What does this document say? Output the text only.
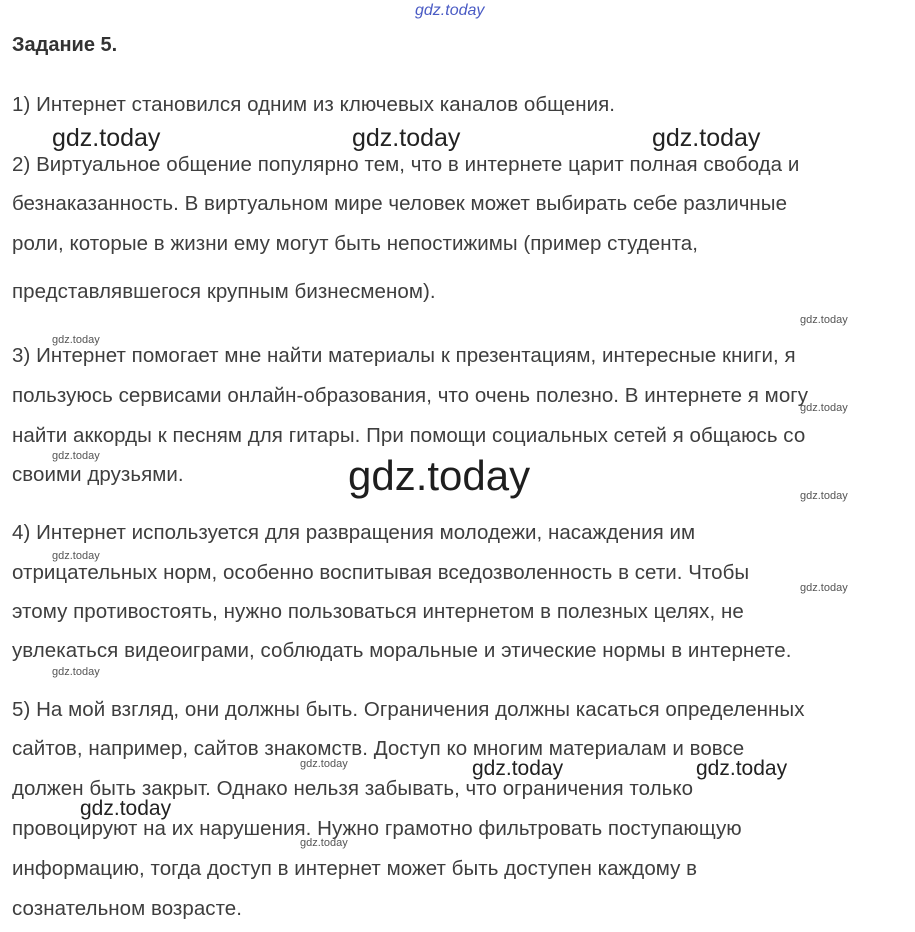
gdz.today
Задание 5.
1) Интернет становился одним из ключевых каналов общения.
2) Виртуальное общение популярно тем, что в интернете царит полная свобода и
безнаказанность. В виртуальном мире человек может выбирать себе различные
роли, которые в жизни ему могут быть непостижимы (пример студента,
представлявшегося крупным бизнесменом).
3) Интернет помогает мне найти материалы к презентациям, интересные книги, я
пользуюсь сервисами онлайн-образования, что очень полезно. В интернете я могу
найти аккорды к песням для гитары. При помощи социальных сетей я общаюсь со
своими друзьями.
4) Интернет используется для развращения молодежи, насаждения им
отрицательных норм, особенно воспитывая вседозволенность в сети. Чтобы
этому противостоять, нужно пользоваться интернетом в полезных целях, не
увлекаться видеоиграми, соблюдать моральные и этические нормы в интернете.
5) На мой взгляд, они должны быть. Ограничения должны касаться определенных
сайтов, например, сайтов знакомств. Доступ ко многим материалам и вовсе
должен быть закрыт. Однако нельзя забывать, что ограничения только
провоцируют на их нарушения. Нужно грамотно фильтровать поступающую
информацию, тогда доступ в интернет может быть доступен каждому в
сознательном возрасте.
gdz.today	gdz.today	gdz.today
gdz.today
gdz.today
gdz.today
gdz.today
gdz.today
gdz.today
gdz.today
gdz.today
gdz.today
gdz.today
gdz.today	gdz.today
gdz.today
gdz.today
